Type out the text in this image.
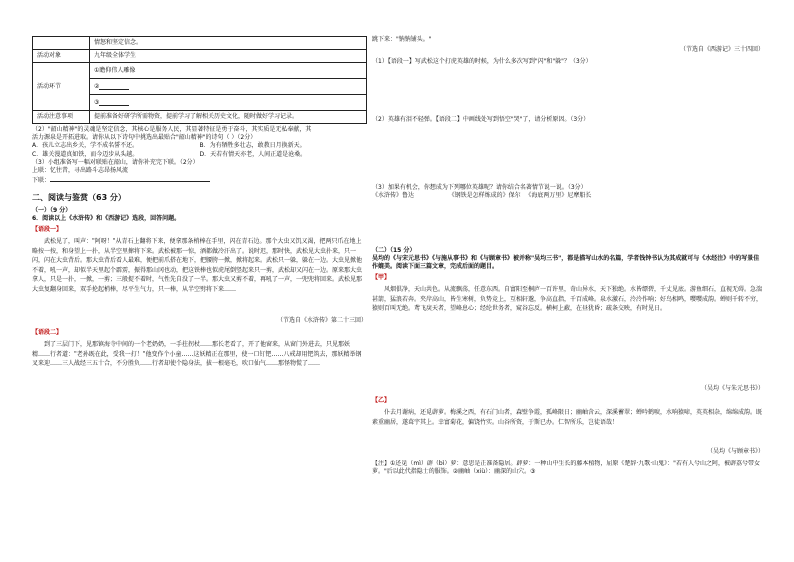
	情怒和坚定信念。
活动对象	九年级全体学生
活动环节	①瞻仰伟人雕像
②
③

活动注意事项	提前准备好研学所需物资，提前学习了解相关历史文化，随时做好学习记录。

（2）"韶山精神"的灵魂是坚定信念，其核心是服务人民，其显著特征是勇于奋斗，其实质是无私奉献，其

活力源泉是开拓进取。请你从以下诗句中挑选出最贴合"韶山精神"的诗句（ ）（2分）

A．孩儿立志出乡关，学不成名誓不还。	B．为有牺牲多壮志，敢教日月换新天。
C．雄关漫道真如铁，而今迈步从头越。	D．天若有情天亦老，人间正道是沧桑。

（3）小组准备写一幅对联贴在韶山，请你补充完下联。（2分）

上联：忆往昔，寻出路斗志昂扬风流

下联：

二、阅读与鉴赏（63 分）

（一）（9 分）

6．阅读以上《水浒传》和《西游记》选段，回答问题。

【语段一】

武松见了，叫声："阿呀！"从青石上翻将下来，便拿那条梢棒在手里，闪在青石边。那个大虫又饥又渴，把两只爪在地上略按一按，和身望上一扑，从半空里撺将下来。武松被那一惊，酒都做冷汗出了。说时迟，那时快，武松见大虫扑来，只一闪，闪在大虫背后。那大虫背后看人最难，便把前爪搭在地下，把腰胯一掀，掀将起来。武松只一躲，躲在一边。大虫见掀他不着，吼一声，却似半天里起个霹雳，振得那山冈也动，把这铁棒也似虎尾倒竖起来只一剪，武松却又闪在一边。原来那大虫拿人，只是一扑，一掀，一剪；三般捉不着时，气性先自没了一半。那大虫又剪不着，再吼了一声，一兜兜将回来。武松见那大虫复翻身回来，双手抡起梢棒，尽平生气力，只一棒，从半空劈将下来……

（节选自《水浒传》第二十三回）

【语段二】

到了三层门下，见那镇海寺中间的一个老奶奶，一手拄拐杖……那长老看了，开了他窗来，从窗门外进去，只见那妖精……行者道："老孙既在此，受我一打！"他变作个小童……这妖精正在那里，使一口钉钯……八戒却用钯筑去，那妖精举钢叉来迎……三人战经三五十合，不分胜负……行者却使个隐身法，拔一根毫毛，吹口仙气……那怪物慌了……

跳下来："钠钠铺头。"

（节选自《西游记》三十四回）

（1）【语段一】写武松这个打虎英雄的时候，为什么多次写到"闪"和"躲"？（3分）

（2）英雄有泪不轻弹。【语段二】中画线处写到悟空"哭"了，请分析原因。（3分）

（3）加果有机会，你想成为下列哪位英雄呢？请你结合名著情节说一说。（3分）

《水浒传》鲁达	《钢铁是怎样炼成的》保尔 《海底两万里》尼摩船长

（二）（15 分）

吴均的《与宋元思书》《与施从事书》和《与顾章书》被并称"吴均三书"，都是描写山水的名篇，学者钱钟书认为其成就可与《水经注》中的写景佳作媲美。阅读下面三篇文章，完成后面的题目。

【甲】

风烟俱净，天山共色。从流飘荡，任意东西。自富阳至桐庐一百许里，奇山异水，天下独绝。水皆缥碧，千丈见底。游鱼细石，直视无碍。急湍甚箭，猛浪若奔。夹岸高山，皆生寒树，负势竞上，互相轩邈，争高直指，千百成峰。泉水激石，泠泠作响；好鸟相鸣，嘤嘤成韵。蝉则千转不穷，猿则百叫无绝。鸢飞戾天者，望峰息心；经纶世务者，窥谷忘反。横柯上蔽，在昼犹昏；疏条交映，有时见日。

（吴均《与朱元思书》）

【乙】

仆去月谢病，还觅薜萝。梅溪之西，有石门山者，森壁争霞，孤峰限日；幽岫含云，深溪蓄翠；蝉吟鹤唳，水响猿啼，英英相杂，绵绵成韵。既素重幽居，遂葺宇其上。幸富菊花，偏饶竹实。山谷所资，于斯已办。仁智所乐，岂徒语哉！

（吴均《与顾章书》）

【注】①还觅（mì）薜（bì）萝：意思是正准备隐居。薜萝：一种山中生长的藤本植物，屈原《楚辞·九歌·山鬼》："若有人兮山之阿，被薜荔兮带女萝。"后以此代指隐士的服饰。②幽岫（xiù）：幽深的山穴。③
